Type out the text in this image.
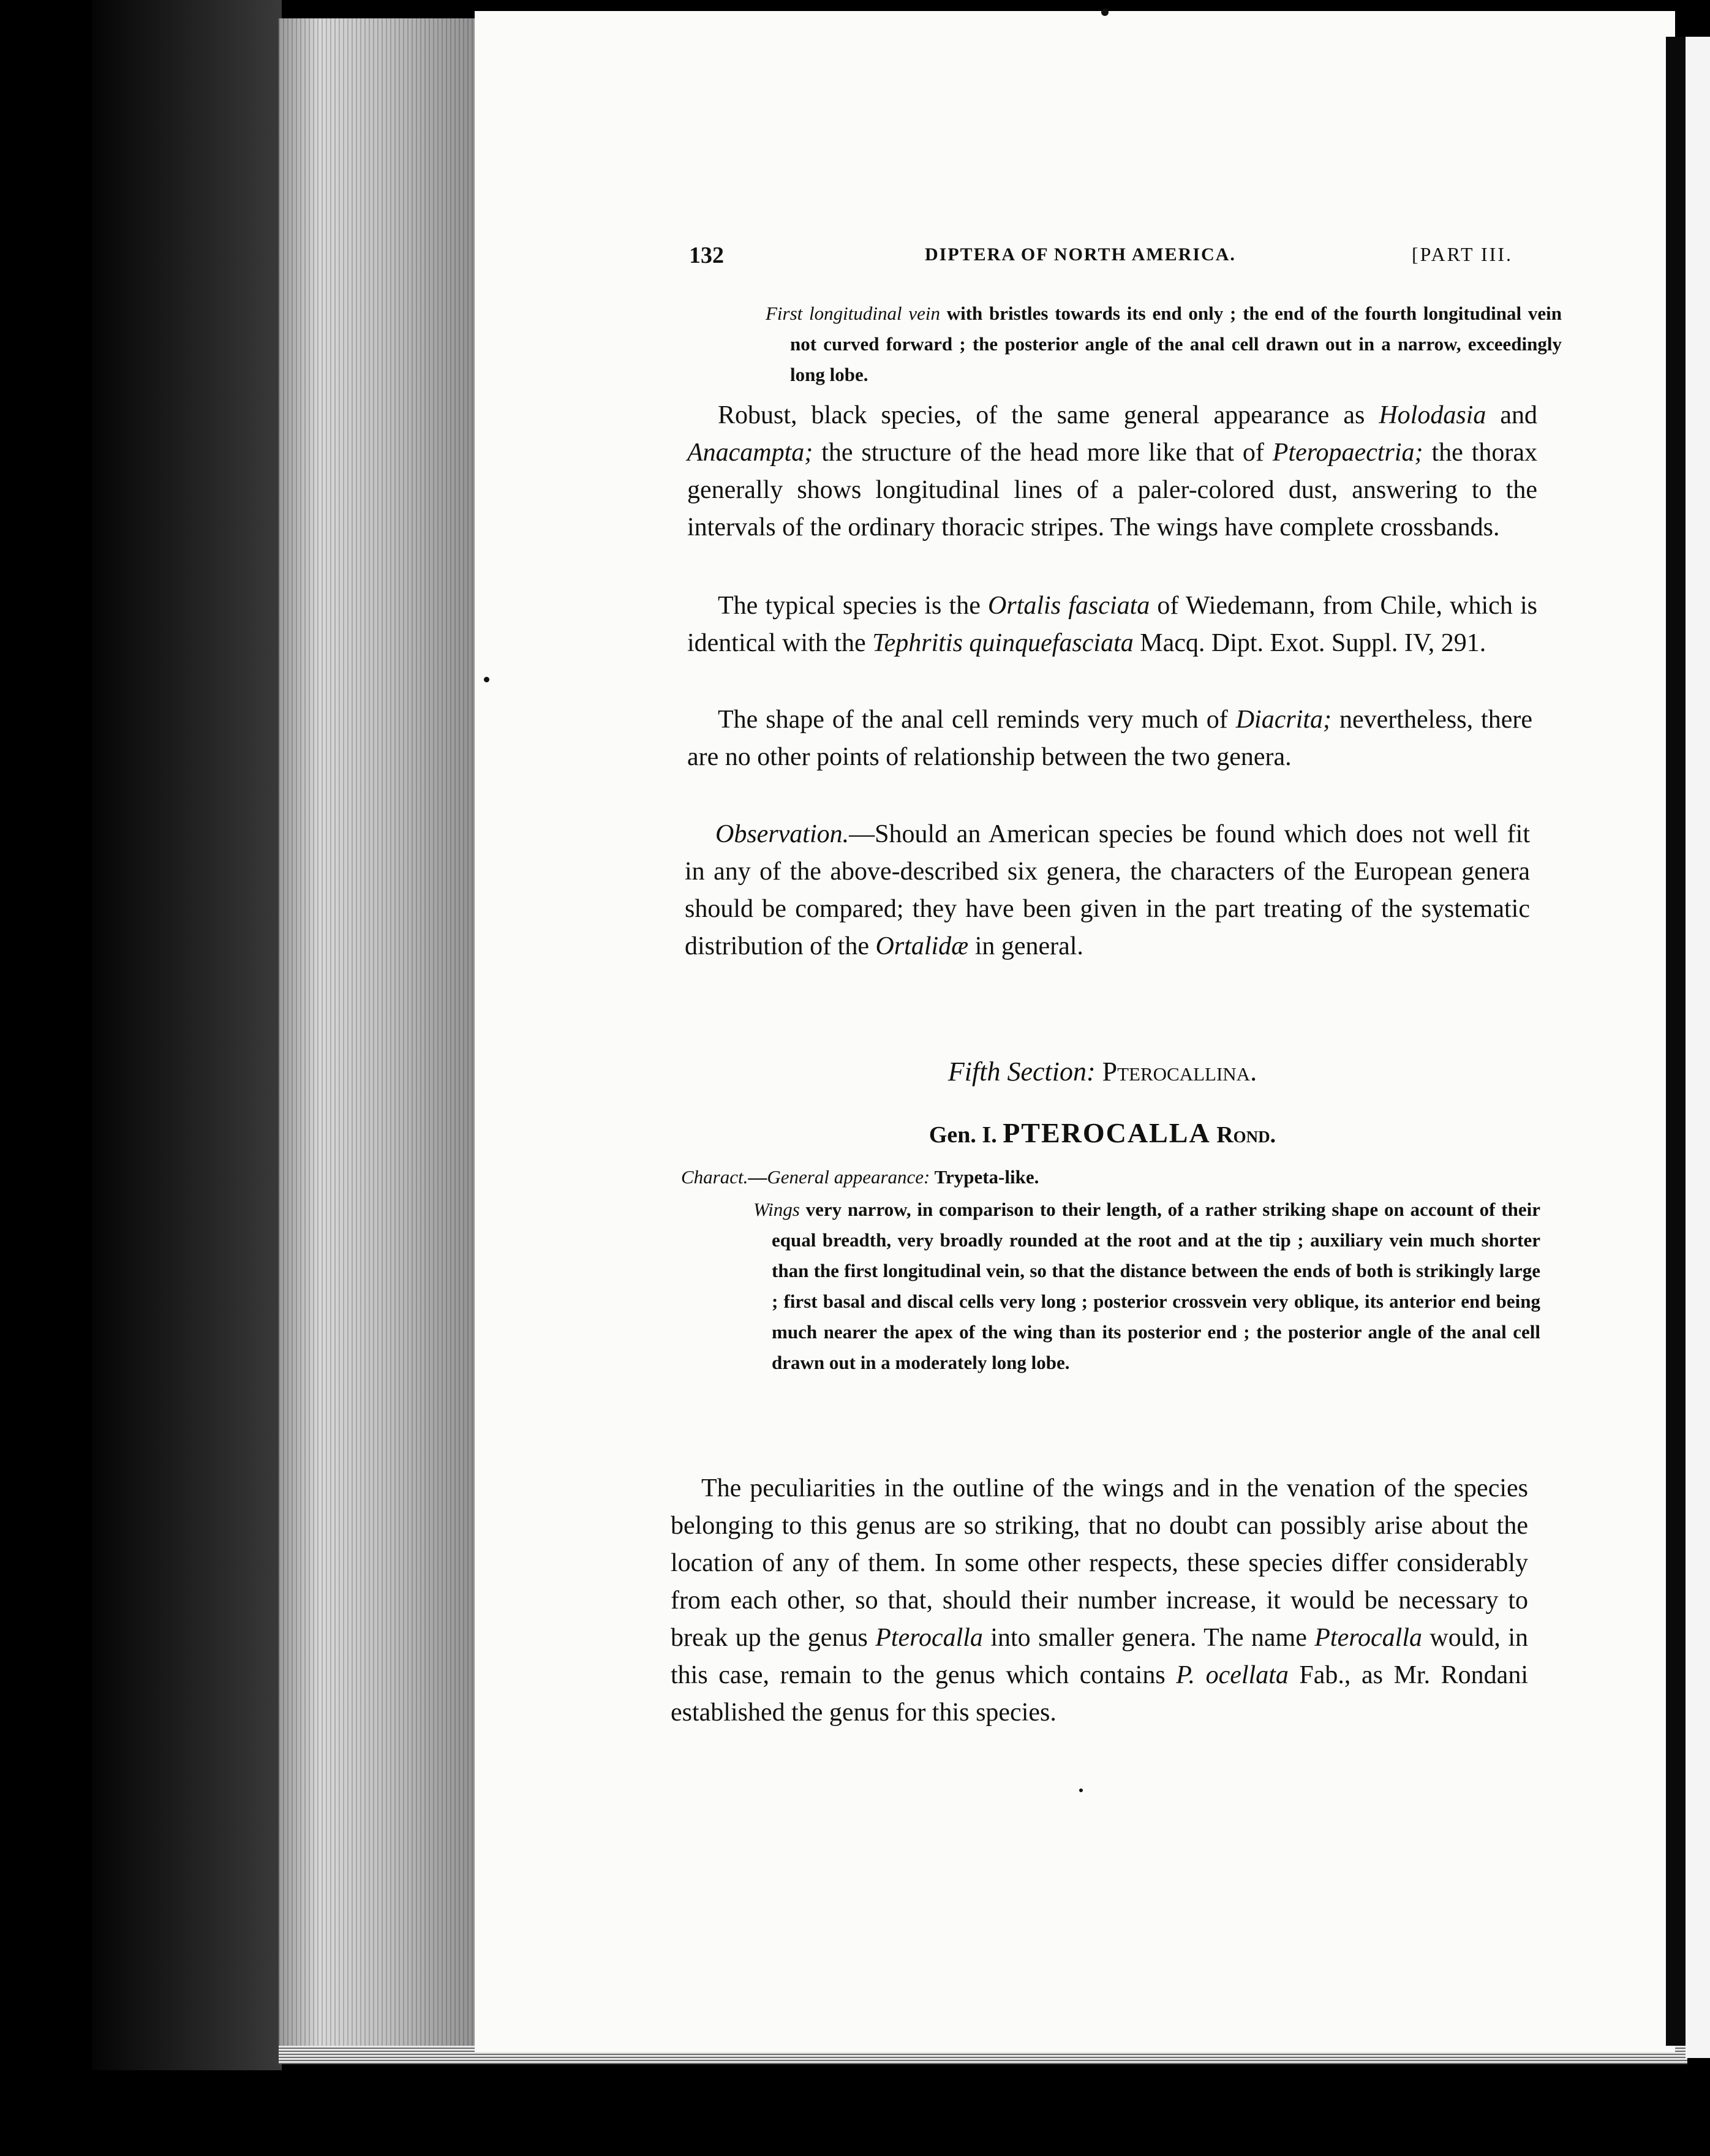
132	DIPTERA OF NORTH AMERICA.	[PART III.

First longitudinal vein with bristles towards its end only ; the end of the fourth longitudinal vein not curved forward ; the posterior angle of the anal cell drawn out in a narrow, exceedingly long lobe.

Robust, black species, of the same general appearance as Holodasia and Anacampta; the structure of the head more like that of Pteropaectria; the thorax generally shows longitudinal lines of a paler-colored dust, answering to the intervals of the ordinary thoracic stripes. The wings have complete crossbands.

The typical species is the Ortalis fasciata of Wiedemann, from Chile, which is identical with the Tephritis quinquefasciata Macq. Dipt. Exot. Suppl. IV, 291.

The shape of the anal cell reminds very much of Diacrita; nevertheless, there are no other points of relationship between the two genera.

Observation.—Should an American species be found which does not well fit in any of the above-described six genera, the characters of the European genera should be compared; they have been given in the part treating of the systematic distribution of the Ortalidæ in general.

Fifth Section: Pterocallina.

Gen. I. PTEROCALLA Rond.

Charact.—General appearance: Trypeta-like.

Wings very narrow, in comparison to their length, of a rather striking shape on account of their equal breadth, very broadly rounded at the root and at the tip ; auxiliary vein much shorter than the first longitudinal vein, so that the distance between the ends of both is strikingly large ; first basal and discal cells very long ; posterior crossvein very oblique, its anterior end being much nearer the apex of the wing than its posterior end ; the posterior angle of the anal cell drawn out in a moderately long lobe.

The peculiarities in the outline of the wings and in the venation of the species belonging to this genus are so striking, that no doubt can possibly arise about the location of any of them. In some other respects, these species differ considerably from each other, so that, should their number increase, it would be necessary to break up the genus Pterocalla into smaller genera. The name Pterocalla would, in this case, remain to the genus which contains P. ocellata Fab., as Mr. Rondani established the genus for this species.
